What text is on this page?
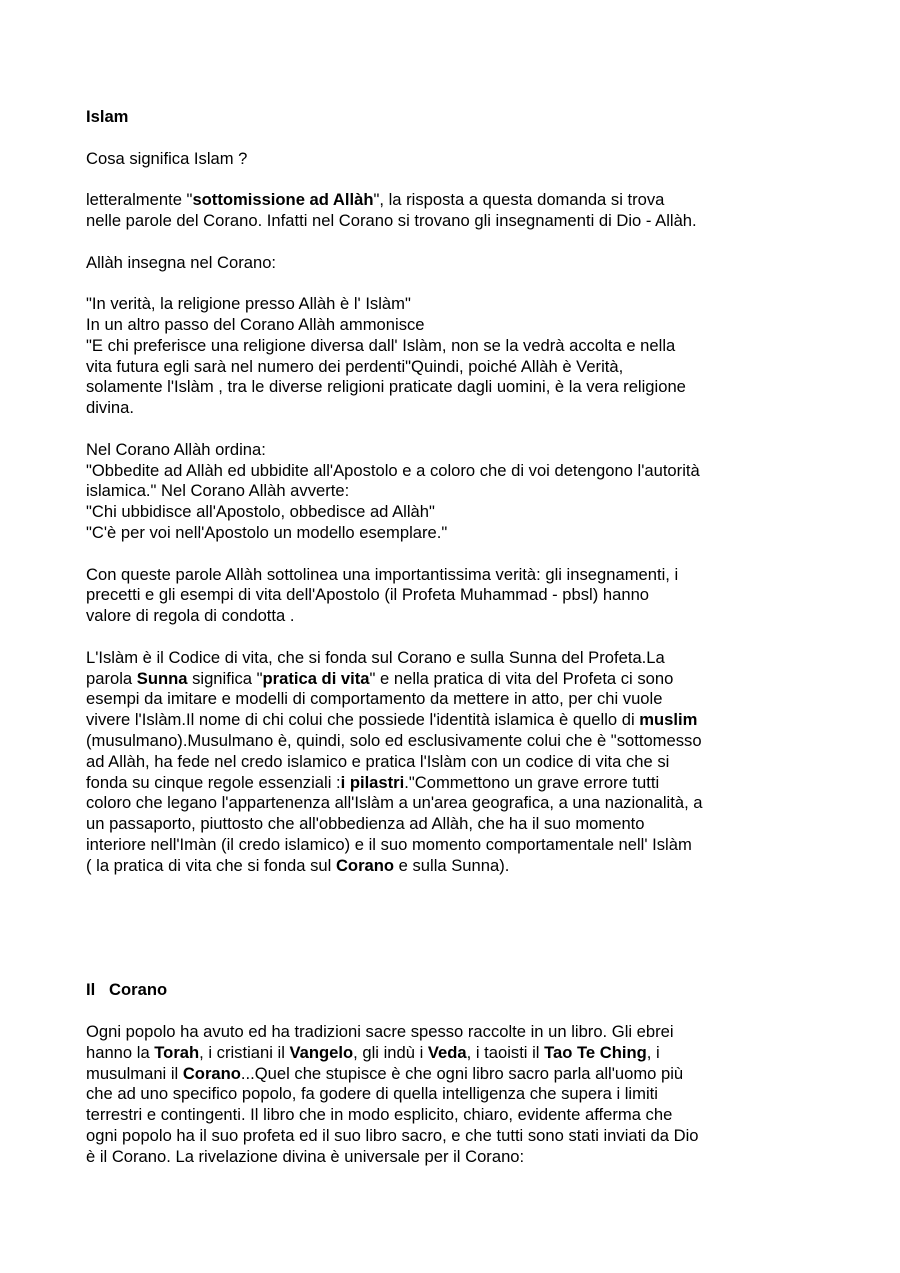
Islam

Cosa significa Islam ?

letteralmente "sottomissione ad Allàh", la risposta a questa domanda si trova

nelle parole del Corano. Infatti nel Corano si trovano gli insegnamenti di Dio - Allàh.

Allàh insegna nel Corano:

"In verità, la religione presso Allàh è l' Islàm"

In un altro passo del Corano Allàh ammonisce

"E chi preferisce una religione diversa dall' Islàm, non se la vedrà accolta e nella

vita futura egli sarà nel numero dei perdenti"Quindi, poiché Allàh è Verità,

solamente l'Islàm , tra le diverse religioni praticate dagli uomini, è la vera religione

divina.

Nel Corano Allàh ordina:

"Obbedite ad Allàh ed ubbidite all'Apostolo e a coloro che di voi detengono l'autorità

islamica." Nel Corano Allàh avverte:

"Chi ubbidisce all'Apostolo, obbedisce ad Allàh"

"C'è per voi nell'Apostolo un modello esemplare."

Con queste parole Allàh sottolinea una importantissima verità: gli insegnamenti, i

precetti e gli esempi di vita dell'Apostolo (il Profeta Muhammad - pbsl) hanno

valore di regola di condotta .

L'Islàm è il Codice di vita, che si fonda sul Corano e sulla Sunna del Profeta.La

parola Sunna significa "pratica di vita" e nella pratica di vita del Profeta ci sono

esempi da imitare e modelli di comportamento da mettere in atto, per chi vuole

vivere l'Islàm.Il nome di chi colui che possiede l'identità islamica è quello di muslim

(musulmano).Musulmano è, quindi, solo ed esclusivamente colui che è "sottomesso

ad Allàh, ha fede nel credo islamico e pratica l'Islàm con un codice di vita che si

fonda su cinque regole essenziali :i pilastri."Commettono un grave errore tutti

coloro che legano l'appartenenza all'Islàm a un'area geografica, a una nazionalità, a

un passaporto, piuttosto che all'obbedienza ad Allàh, che ha il suo momento

interiore nell'Imàn (il credo islamico) e il suo momento comportamentale nell' Islàm

( la pratica di vita che si fonda sul Corano e sulla Sunna).

Il   Corano

Ogni popolo ha avuto ed ha tradizioni sacre spesso raccolte in un libro. Gli ebrei

hanno la Torah, i cristiani il Vangelo, gli indù i Veda, i taoisti il Tao Te Ching, i

musulmani il Corano...Quel che stupisce è che ogni libro sacro parla all'uomo più

che ad uno specifico popolo, fa godere di quella intelligenza che supera i limiti

terrestri e contingenti. Il libro che in modo esplicito, chiaro, evidente afferma che

ogni popolo ha il suo profeta ed il suo libro sacro, e che tutti sono stati inviati da Dio

è il Corano. La rivelazione divina è universale per il Corano:
